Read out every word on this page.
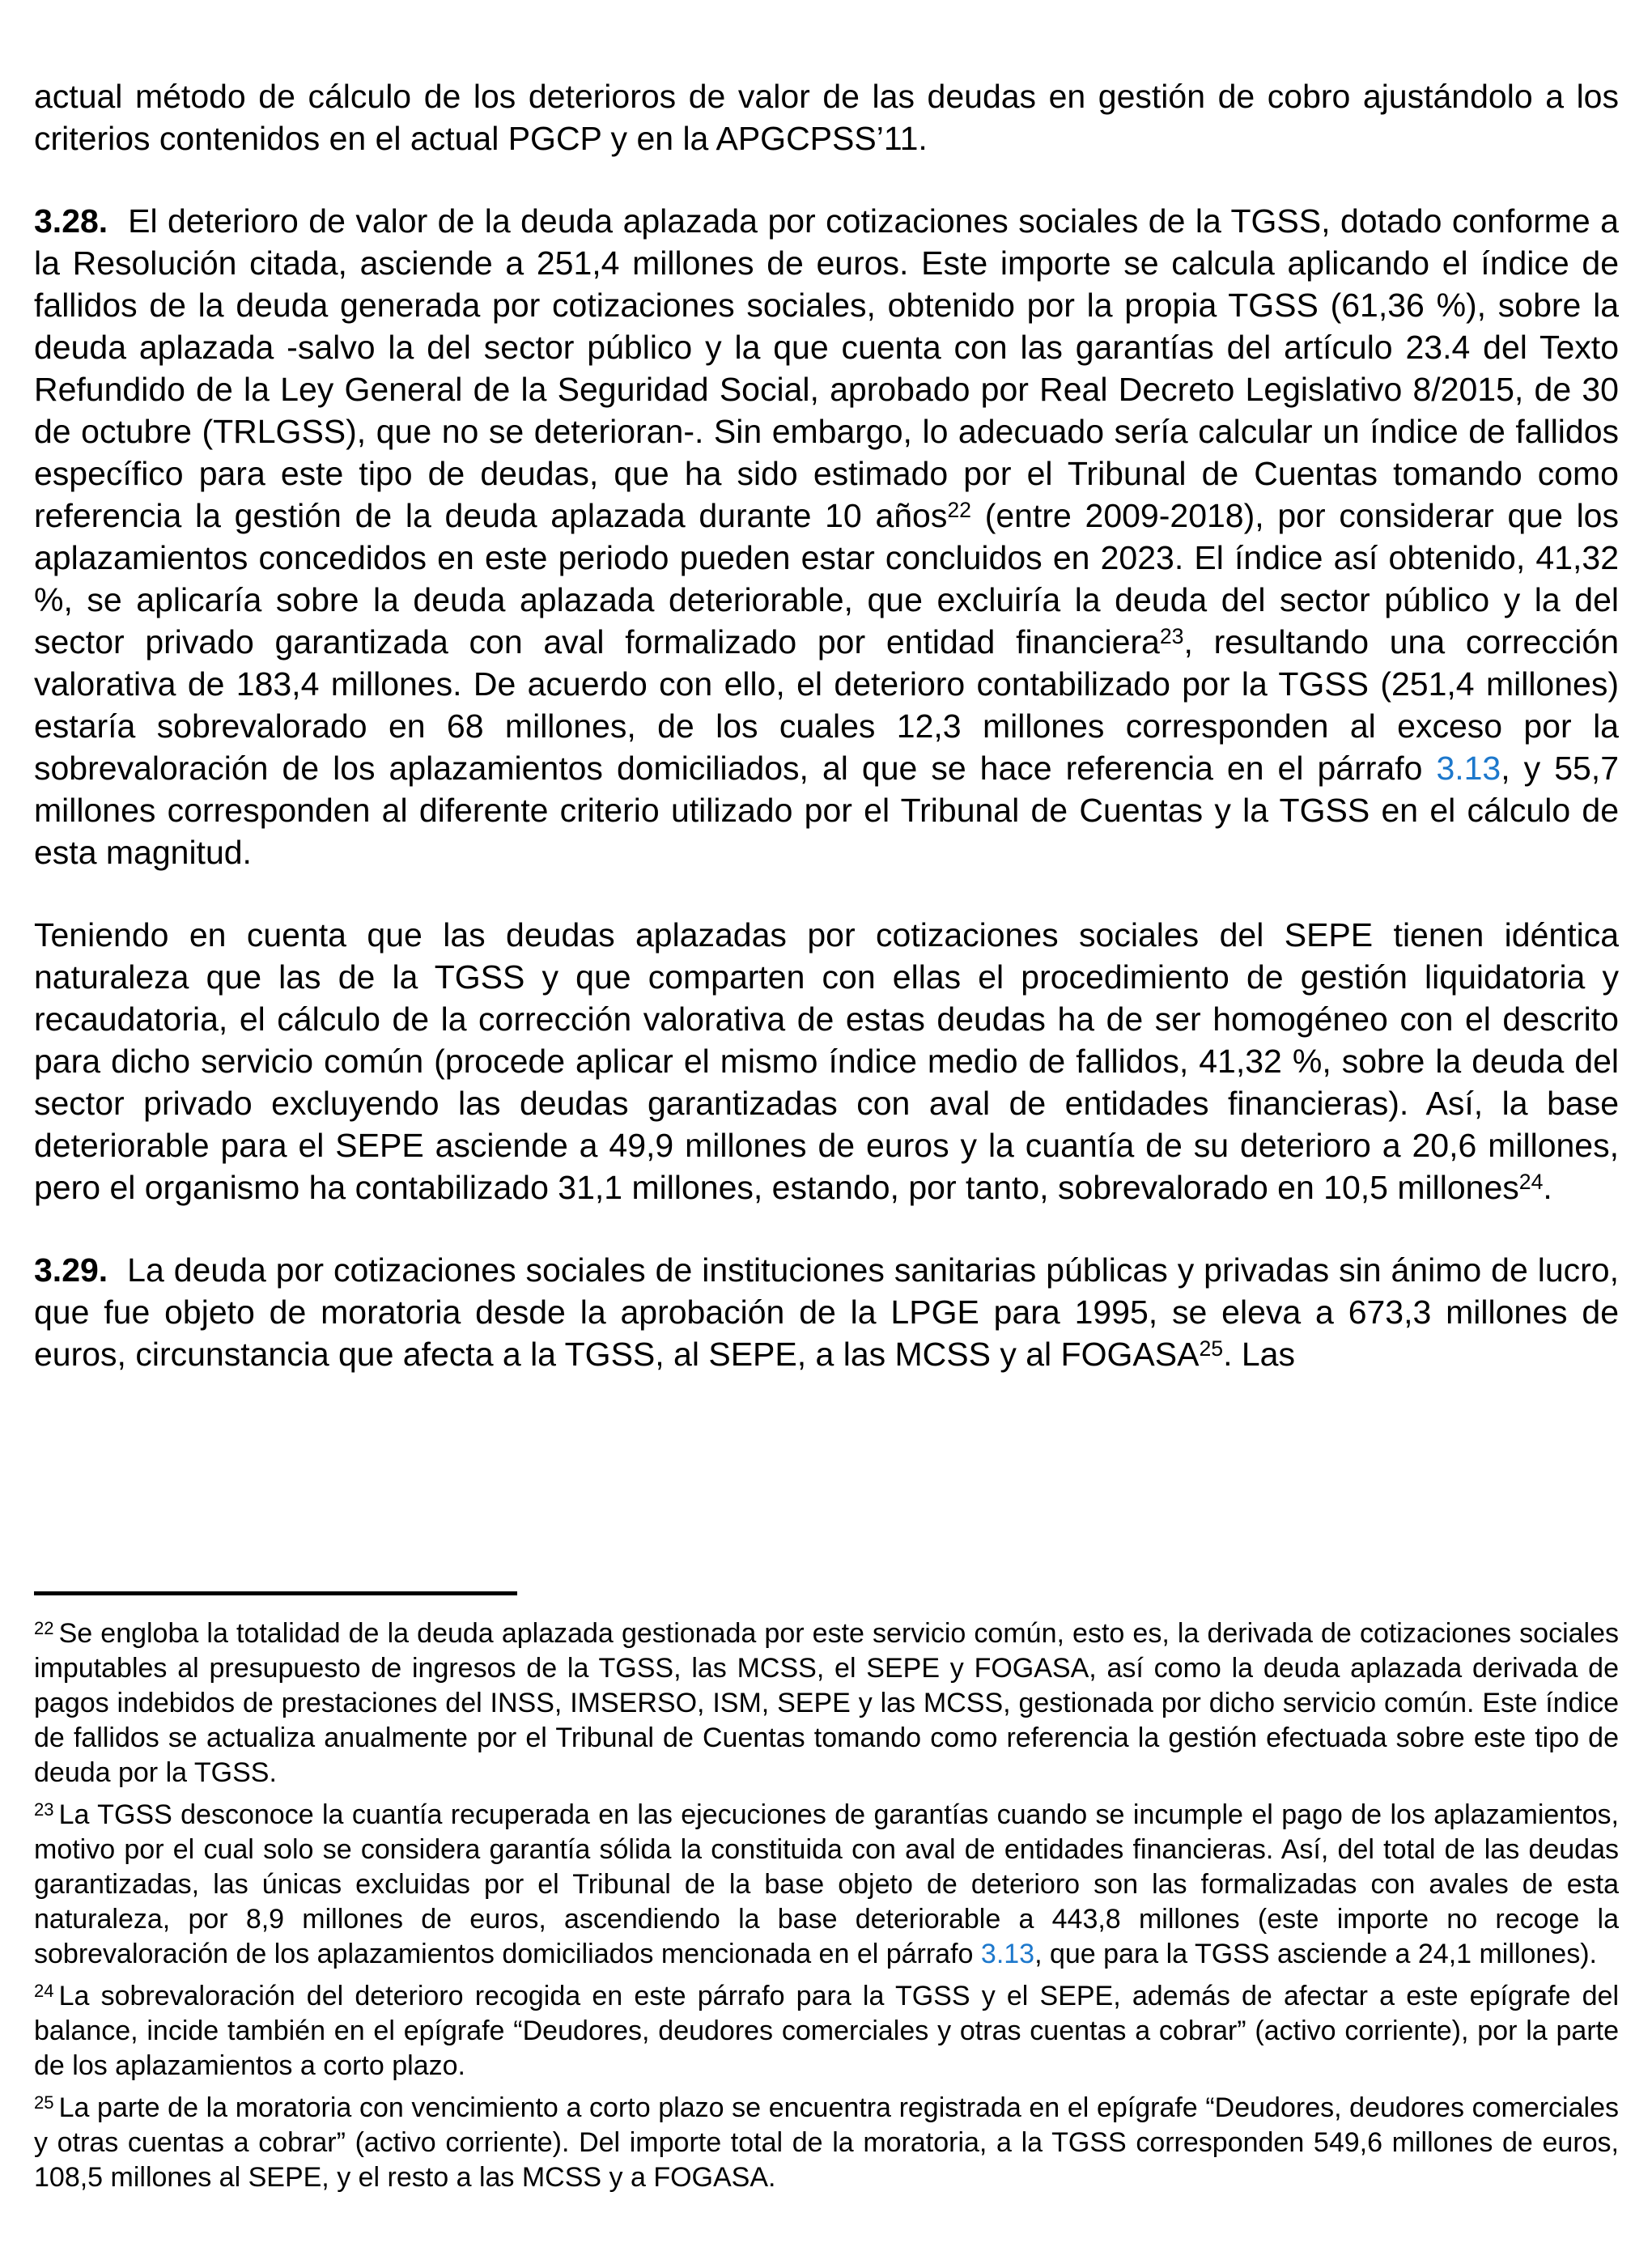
actual método de cálculo de los deterioros de valor de las deudas en gestión de cobro ajustándolo a los criterios contenidos en el actual PGCP y en la APGCPSS’11.

3.28.  El deterioro de valor de la deuda aplazada por cotizaciones sociales de la TGSS, dotado conforme a la Resolución citada, asciende a 251,4 millones de euros. Este importe se calcula aplicando el índice de fallidos de la deuda generada por cotizaciones sociales, obtenido por la propia TGSS (61,36 %), sobre la deuda aplazada -salvo la del sector público y la que cuenta con las garantías del artículo 23.4 del Texto Refundido de la Ley General de la Seguridad Social, aprobado por Real Decreto Legislativo 8/2015, de 30 de octubre (TRLGSS), que no se deterioran-. Sin embargo, lo adecuado sería calcular un índice de fallidos específico para este tipo de deudas, que ha sido estimado por el Tribunal de Cuentas tomando como referencia la gestión de la deuda aplazada durante 10 años$^{22}$ (entre 2009-2018), por considerar que los aplazamientos concedidos en este periodo pueden estar concluidos en 2023. El índice así obtenido, 41,32 %, se aplicaría sobre la deuda aplazada deteriorable, que excluiría la deuda del sector público y la del sector privado garantizada con aval formalizado por entidad financiera$^{23}$, resultando una corrección valorativa de 183,4 millones. De acuerdo con ello, el deterioro contabilizado por la TGSS (251,4 millones) estaría sobrevalorado en 68 millones, de los cuales 12,3 millones corresponden al exceso por la sobrevaloración de los aplazamientos domiciliados, al que se hace referencia en el párrafo 3.13, y 55,7 millones corresponden al diferente criterio utilizado por el Tribunal de Cuentas y la TGSS en el cálculo de esta magnitud.

Teniendo en cuenta que las deudas aplazadas por cotizaciones sociales del SEPE tienen idéntica naturaleza que las de la TGSS y que comparten con ellas el procedimiento de gestión liquidatoria y recaudatoria, el cálculo de la corrección valorativa de estas deudas ha de ser homogéneo con el descrito para dicho servicio común (procede aplicar el mismo índice medio de fallidos, 41,32 %, sobre la deuda del sector privado excluyendo las deudas garantizadas con aval de entidades financieras). Así, la base deteriorable para el SEPE asciende a 49,9 millones de euros y la cuantía de su deterioro a 20,6 millones, pero el organismo ha contabilizado 31,1 millones, estando, por tanto, sobrevalorado en 10,5 millones$^{24}$.

3.29.  La deuda por cotizaciones sociales de instituciones sanitarias públicas y privadas sin ánimo de lucro, que fue objeto de moratoria desde la aprobación de la LPGE para 1995, se eleva a 673,3 millones de euros, circunstancia que afecta a la TGSS, al SEPE, a las MCSS y al FOGASA$^{25}$. Las

$^{22}$ Se engloba la totalidad de la deuda aplazada gestionada por este servicio común, esto es, la derivada de cotizaciones sociales imputables al presupuesto de ingresos de la TGSS, las MCSS, el SEPE y FOGASA, así como la deuda aplazada derivada de pagos indebidos de prestaciones del INSS, IMSERSO, ISM, SEPE y las MCSS, gestionada por dicho servicio común. Este índice de fallidos se actualiza anualmente por el Tribunal de Cuentas tomando como referencia la gestión efectuada sobre este tipo de deuda por la TGSS.

$^{23}$ La TGSS desconoce la cuantía recuperada en las ejecuciones de garantías cuando se incumple el pago de los aplazamientos, motivo por el cual solo se considera garantía sólida la constituida con aval de entidades financieras. Así, del total de las deudas garantizadas, las únicas excluidas por el Tribunal de la base objeto de deterioro son las formalizadas con avales de esta naturaleza, por 8,9 millones de euros, ascendiendo la base deteriorable a 443,8 millones (este importe no recoge la sobrevaloración de los aplazamientos domiciliados mencionada en el párrafo 3.13, que para la TGSS asciende a 24,1 millones).

$^{24}$ La sobrevaloración del deterioro recogida en este párrafo para la TGSS y el SEPE, además de afectar a este epígrafe del balance, incide también en el epígrafe “Deudores, deudores comerciales y otras cuentas a cobrar” (activo corriente), por la parte de los aplazamientos a corto plazo.

$^{25}$ La parte de la moratoria con vencimiento a corto plazo se encuentra registrada en el epígrafe “Deudores, deudores comerciales y otras cuentas a cobrar” (activo corriente). Del importe total de la moratoria, a la TGSS corresponden 549,6 millones de euros, 108,5 millones al SEPE, y el resto a las MCSS y a FOGASA.
